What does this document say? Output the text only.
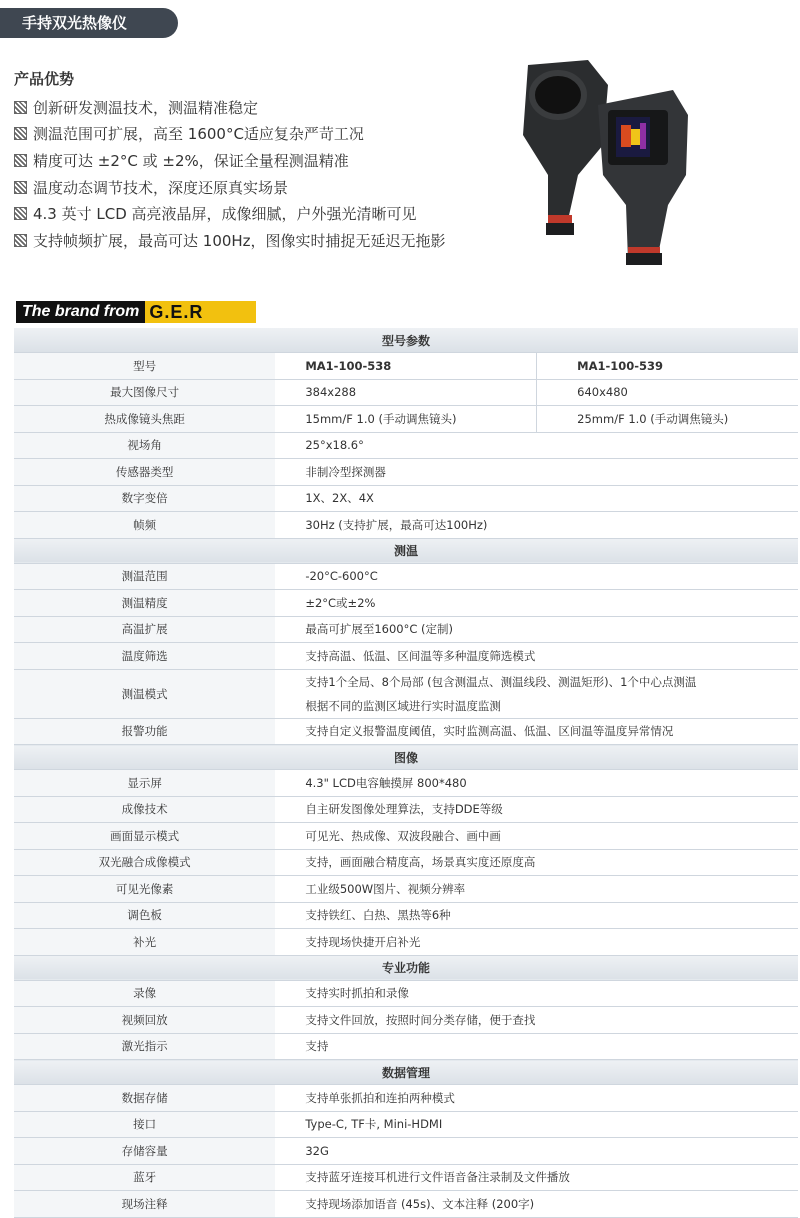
手持双光热像仪
产品优势
创新研发测温技术，测温精准稳定
测温范围可扩展，高至 1600°C适应复杂严苛工况
精度可达 ±2°C 或 ±2%，保证全量程测温精准
温度动态调节技术，深度还原真实场景
4.3 英寸 LCD 高亮液晶屏，成像细腻，户外强光清晰可见
支持帧频扩展，最高可达 100Hz，图像实时捕捉无延迟无拖影
The brand from G.E.R
型号参数		
型号	MA1-100-538	MA1-100-539
最大图像尺寸	384x288	640x480
热成像镜头焦距	15mm/F 1.0 (手动调焦镜头)	25mm/F 1.0 (手动调焦镜头)
视场角	25°x18.6°	
传感器类型	非制冷型探测器	
数字变倍	1X、2X、4X	
帧频	30Hz (支持扩展，最高可达100Hz)	
测温		
测温范围	-20°C-600°C	
测温精度	±2°C或±2%	
高温扩展	最高可扩展至1600°C (定制)	
温度筛选	支持高温、低温、区间温等多种温度筛选模式	
测温模式	支持1个全局、8个局部 (包含测温点、测温线段、测温矩形)、1个中心点测温
根据不同的监测区域进行实时温度监测	

报警功能	支持自定义报警温度阈值，实时监测高温、低温、区间温等温度异常情况	
图像		
显示屏	4.3" LCD电容触摸屏 800*480	
成像技术	自主研发图像处理算法，支持DDE等级	
画面显示模式	可见光、热成像、双波段融合、画中画	
双光融合成像模式	支持，画面融合精度高，场景真实度还原度高	
可见光像素	工业级500W图片、视频分辨率	
调色板	支持铁红、白热、黑热等6种	
补光	支持现场快捷开启补光	
专业功能		
录像	支持实时抓拍和录像	
视频回放	支持文件回放，按照时间分类存储，便于查找	
激光指示	支持	
数据管理		
数据存储	支持单张抓拍和连拍两种模式	
接口	Type-C, TF卡, Mini-HDMI	
存储容量	32G	
蓝牙	支持蓝牙连接耳机进行文件语音备注录制及文件播放	
现场注释	支持现场添加语音 (45s)、文本注释 (200字)	
